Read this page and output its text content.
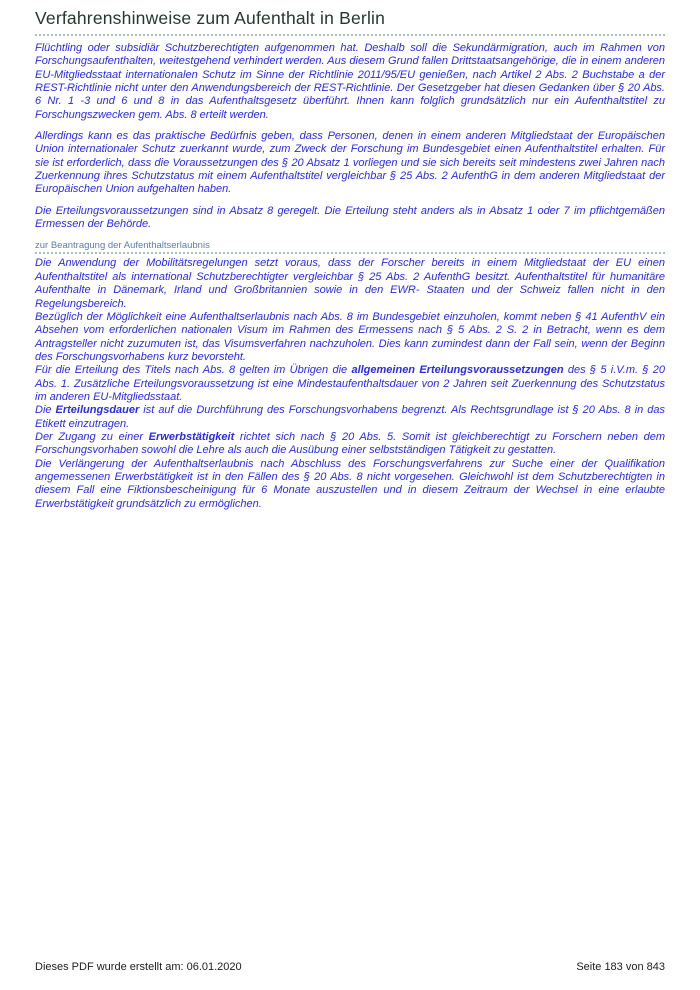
Verfahrenshinweise zum Aufenthalt in Berlin

Flüchtling oder subsidiär Schutzberechtigten aufgenommen hat. Deshalb soll die Sekundärmigration, auch im Rahmen von Forschungsaufenthalten, weitestgehend verhindert werden. Aus diesem Grund fallen Drittstaatsangehörige, die in einem anderen EU-Mitgliedsstaat internationalen Schutz im Sinne der Richtlinie 2011/95/EU genießen, nach Artikel 2 Abs. 2 Buchstabe a der REST-Richtlinie nicht unter den Anwendungsbereich der REST-Richtlinie. Der Gesetzgeber hat diesen Gedanken über § 20 Abs. 6 Nr. 1 -3 und 6 und 8 in das Aufenthaltsgesetz überführt. Ihnen kann folglich grundsätzlich nur ein Aufenthaltstitel zu Forschungszwecken gem. Abs. 8 erteilt werden.

Allerdings kann es das praktische Bedürfnis geben, dass Personen, denen in einem anderen Mitgliedstaat der Europäischen Union internationaler Schutz zuerkannt wurde, zum Zweck der Forschung im Bundesgebiet einen Aufenthaltstitel erhalten. Für sie ist erforderlich, dass die Voraussetzungen des § 20 Absatz 1 vorliegen und sie sich bereits seit mindestens zwei Jahren nach Zuerkennung ihres Schutzstatus mit einem Aufenthaltstitel vergleichbar § 25 Abs. 2 AufenthG in dem anderen Mitgliedstaat der Europäischen Union aufgehalten haben.

Die Erteilungsvoraussetzungen sind in Absatz 8 geregelt. Die Erteilung steht anders als in Absatz 1 oder 7 im pflichtgemäßen Ermessen der Behörde.

zur Beantragung der Aufenthaltserlaubnis

Die Anwendung der Mobilitätsregelungen setzt voraus, dass der Forscher bereits in einem Mitgliedstaat der EU einen Aufenthaltstitel als international Schutzberechtigter vergleichbar § 25 Abs. 2 AufenthG besitzt. Aufenthaltstitel für humanitäre Aufenthalte in Dänemark, Irland und Großbritannien sowie in den EWR- Staaten und der Schweiz fallen nicht in den Regelungsbereich.

Bezüglich der Möglichkeit eine Aufenthaltserlaubnis nach Abs. 8 im Bundesgebiet einzuholen, kommt neben § 41 AufenthV ein Absehen vom erforderlichen nationalen Visum im Rahmen des Ermessens nach § 5 Abs. 2 S. 2 in Betracht, wenn es dem Antragsteller nicht zuzumuten ist, das Visumsverfahren nachzuholen. Dies kann zumindest dann der Fall sein, wenn der Beginn des Forschungsvorhabens kurz bevorsteht.

Für die Erteilung des Titels nach Abs. 8 gelten im Übrigen die allgemeinen Erteilungsvoraussetzungen des § 5 i.V.m. § 20 Abs. 1. Zusätzliche Erteilungsvoraussetzung ist eine Mindestaufenthaltsdauer von 2 Jahren seit Zuerkennung des Schutzstatus im anderen EU-Mitgliedsstaat.

Die Erteilungsdauer ist auf die Durchführung des Forschungsvorhabens begrenzt. Als Rechtsgrundlage ist § 20 Abs. 8 in das Etikett einzutragen.

Der Zugang zu einer Erwerbstätigkeit richtet sich nach § 20 Abs. 5. Somit ist gleichberechtigt zu Forschern neben dem Forschungsvorhaben sowohl die Lehre als auch die Ausübung einer selbstständigen Tätigkeit zu gestatten.

Die Verlängerung der Aufenthaltserlaubnis nach Abschluss des Forschungsverfahrens zur Suche einer der Qualifikation angemessenen Erwerbstätigkeit ist in den Fällen des § 20 Abs. 8 nicht vorgesehen. Gleichwohl ist dem Schutzberechtigten in diesem Fall eine Fiktionsbescheinigung für 6 Monate auszustellen und in diesem Zeitraum der Wechsel in eine erlaubte Erwerbstätigkeit grundsätzlich zu ermöglichen.

Dieses PDF wurde erstellt am: 06.01.2020	Seite 183 von 843
